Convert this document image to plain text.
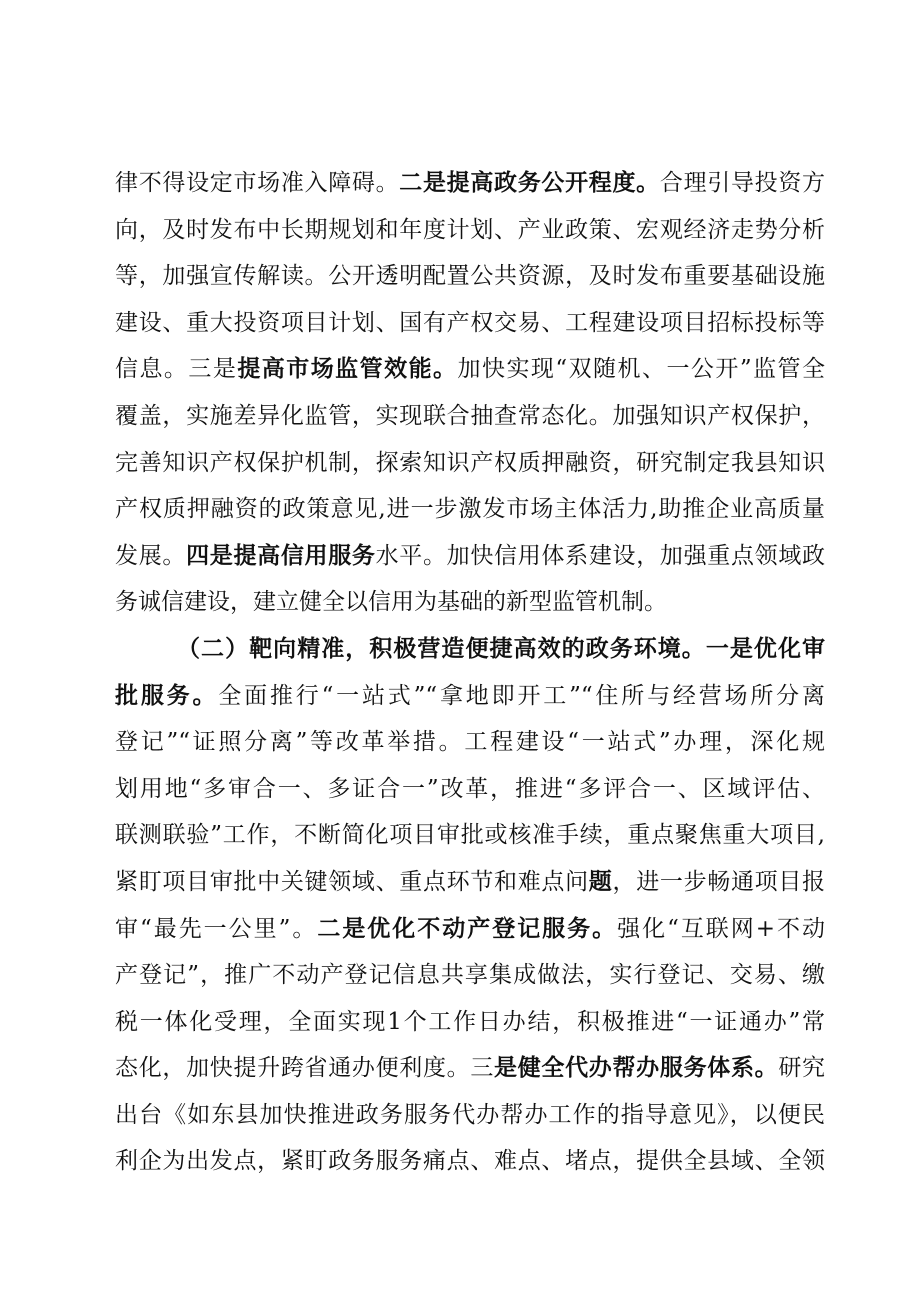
律不得设定市场准入障碍。二是提高政务公开程度。合理引导投资方
向，及时发布中长期规划和年度计划、产业政策、宏观经济走势分析
等，加强宣传解读。公开透明配置公共资源，及时发布重要基础设施
建设、重大投资项目计划、国有产权交易、工程建设项目招标投标等
信息。三是提高市场监管效能。加快实现“双随机、一公开”监管全
覆盖，实施差异化监管，实现联合抽查常态化。加强知识产权保护，
完善知识产权保护机制，探索知识产权质押融资，研究制定我县知识
产权质押融资的政策意见,进一步激发市场主体活力,助推企业高质量
发展。四是提高信用服务水平。加快信用体系建设，加强重点领域政
务诚信建设，建立健全以信用为基础的新型监管机制。
（二）靶向精准，积极营造便捷高效的政务环境。一是优化审
批服务。全面推行“一站式”“拿地即开工”“住所与经营场所分离
登记”“证照分离”等改革举措。工程建设“一站式”办理，深化规
划用地“多审合一、多证合一”改革，推进“多评合一、区域评估、
联测联验”工作，不断简化项目审批或核准手续，重点聚焦重大项目,
紧盯项目审批中关键领域、重点环节和难点问题，进一步畅通项目报
审“最先一公里”。二是优化不动产登记服务。强化“互联网+不动
产登记”，推广不动产登记信息共享集成做法，实行登记、交易、缴
税一体化受理，全面实现1个工作日办结，积极推进“一证通办”常
态化，加快提升跨省通办便利度。三是健全代办帮办服务体系。研究
出台《如东县加快推进政务服务代办帮办工作的指导意见》，以便民
利企为出发点，紧盯政务服务痛点、难点、堵点，提供全县域、全领
